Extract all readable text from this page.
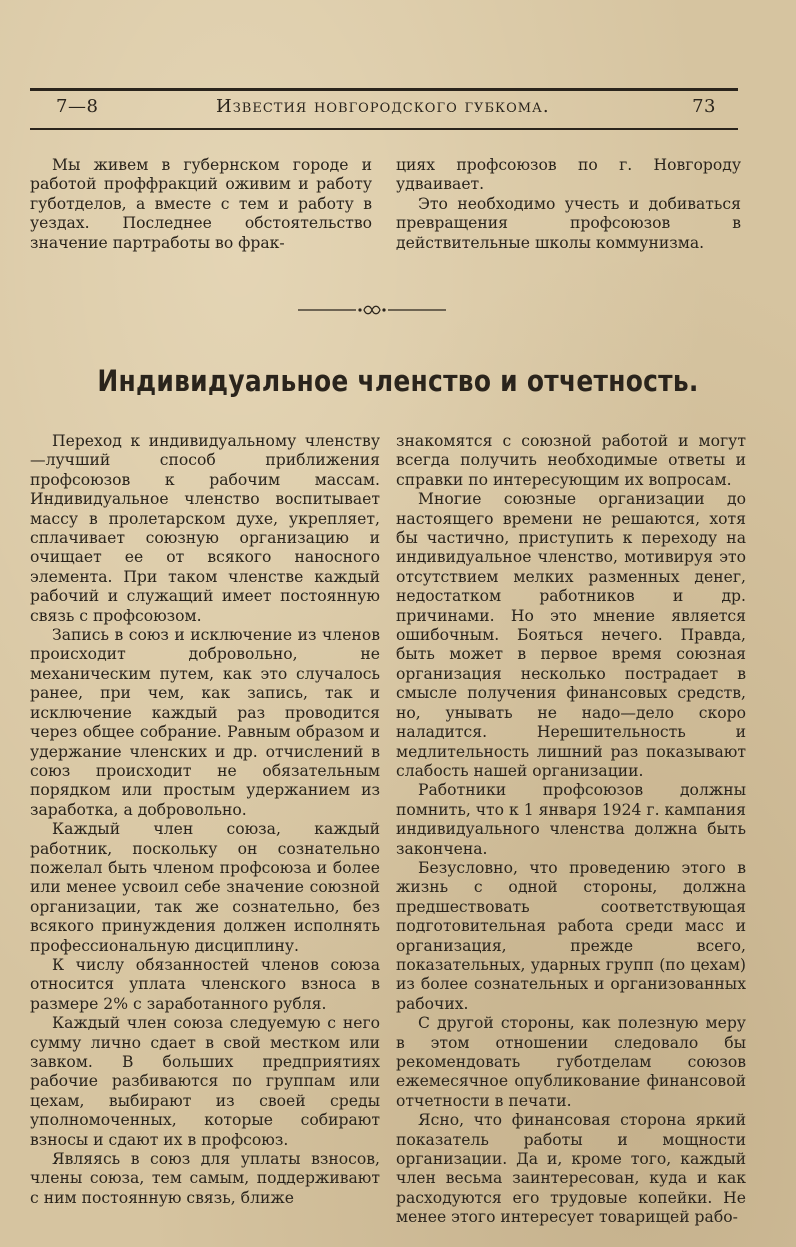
7—8	Известия новгородского губкома.	73

Мы живем в губернском городе и работой проффракций оживим и работу губотделов, а вместе с тем и работу в уездах. Последнее обстоятельство значение партработы во фрак-

циях профсоюзов по г. Новгороду удваивает.

Это необходимо учесть и добиваться превращения профсоюзов в действительные школы коммунизма.

Индивидуальное членство и отчетность.

Переход к индивидуальному членству—лучший способ приближения профсоюзов к рабочим массам. Индивидуальное членство воспитывает массу в пролетарском духе, укрепляет, сплачивает союзную организацию и очищает ее от всякого наносного элемента. При таком членстве каждый рабочий и служащий имеет постоянную связь с профсоюзом.

Запись в союз и исключение из членов происходит добровольно, не механическим путем, как это случалось ранее, при чем, как запись, так и исключение каждый раз проводится через общее собрание. Равным образом и удержание членских и др. отчислений в союз происходит не обязательным порядком или простым удержанием из заработка, а добровольно.

Каждый член союза, каждый работник, поскольку он сознательно пожелал быть членом профсоюза и более или менее усвоил себе значение союзной организации, так же сознательно, без всякого принуждения должен исполнять профессиональную дисциплину.

К числу обязанностей членов союза относится уплата членского взноса в размере 2% с заработанного рубля.

Каждый член союза следуемую с него сумму лично сдает в свой местком или завком. В больших предприятиях рабочие разбиваются по группам или цехам, выбирают из своей среды уполномоченных, которые собирают взносы и сдают их в профсоюз.

Являясь в союз для уплаты взносов, члены союза, тем самым, поддерживают с ним постоянную связь, ближе

знакомятся с союзной работой и могут всегда получить необходимые ответы и справки по интересующим их вопросам.

Многие союзные организации до настоящего времени не решаются, хотя бы частично, приступить к переходу на индивидуальное членство, мотивируя это отсутствием мелких разменных денег, недостатком работников и др. причинами. Но это мнение является ошибочным. Бояться нечего. Правда, быть может в первое время союзная организация несколько пострадает в смысле получения финансовых средств, но, унывать не надо—дело скоро наладится. Нерешительность и медлительность лишний раз показывают слабость нашей организации.

Работники профсоюзов должны помнить, что к 1 января 1924 г. кампания индивидуального членства должна быть закончена.

Безусловно, что проведению этого в жизнь с одной стороны, должна предшествовать соответствующая подготовительная работа среди масс и организация, прежде всего, показательных, ударных групп (по цехам) из более сознательных и организованных рабочих.

С другой стороны, как полезную меру в этом отношении следовало бы рекомендовать губотделам союзов ежемесячное опубликование финансовой отчетности в печати.

Ясно, что финансовая сторона яркий показатель работы и мощности организации. Да и, кроме того, каждый член весьма заинтересован, куда и как расходуются его трудовые копейки. Не менее этого интересует товарищей рабо-
